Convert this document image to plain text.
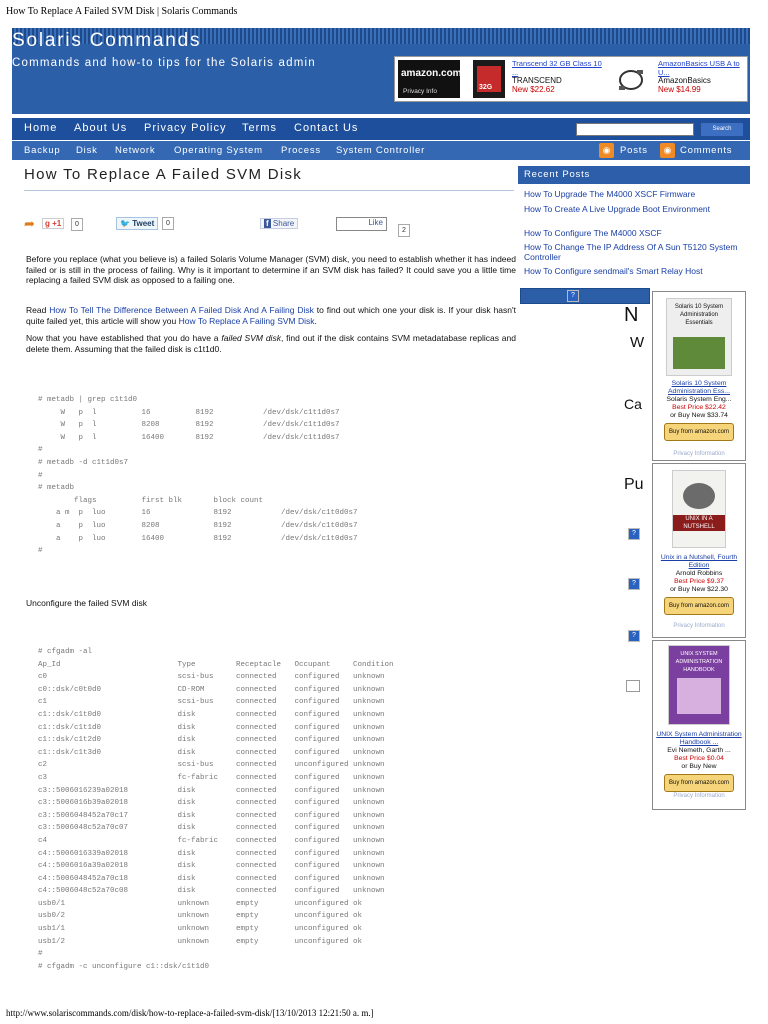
How To Replace A Failed SVM Disk | Solaris Commands
Solaris Commands
Commands and how-to tips for the Solaris admin
amazon.com
Privacy Info
32G
Transcend 32 GB Class 10 ...
TRANSCEND
New $22.62
AmazonBasics USB A to U...
AmazonBasics
New $14.99
Home About Us Privacy Policy Terms Contact Us	Search
Backup Disk Network Operating System Process System Controller	◉	Posts	◉ Comments
How To Replace A Failed SVM Disk
➦	g +1	0	🐦 Tweet	0	f Share	Like
2
Before you replace (what you believe is) a failed Solaris Volume Manager (SVM) disk, you need to establish whether it has indeed failed or is still in the process of failing. Why is it important to determine if an SVM disk has failed? It could save you a little time replacing a failed SVM disk as opposed to a failing one.
Read How To Tell The Difference Between A Failed Disk And A Failing Disk to find out which one your disk is. If your disk hasn't quite failed yet, this article will show you How To Replace A Failing SVM Disk.
Now that you have established that you do have a failed SVM disk, find out if the disk contains SVM metadatabase replicas and delete them. Assuming that the failed disk is c1t1d0.
# metadb | grep c1t1d0
W   p  l          16          8192           /dev/dsk/c1t1d0s7
W   p  l          8208        8192           /dev/dsk/c1t1d0s7
W   p  l          16400       8192           /dev/dsk/c1t1d0s7
#
# metadb -d c1t1d0s7
#
# metadb
flags          first blk       block count
a m  p  luo        16              8192           /dev/dsk/c1t0d0s7
a    p  luo        8208            8192           /dev/dsk/c1t0d0s7
a    p  luo        16400           8192           /dev/dsk/c1t0d0s7
#
Unconfigure the failed SVM disk
# cfgadm -al
Ap_Id                          Type         Receptacle   Occupant     Condition
c0                             scsi-bus     connected    configured   unknown
c0::dsk/c0t0d0                 CD-ROM       connected    configured   unknown
c1                             scsi-bus     connected    configured   unknown
c1::dsk/c1t0d0                 disk         connected    configured   unknown
c1::dsk/c1t1d0                 disk         connected    configured   unknown
c1::dsk/c1t2d0                 disk         connected    configured   unknown
c1::dsk/c1t3d0                 disk         connected    configured   unknown
c2                             scsi-bus     connected    unconfigured unknown
c3                             fc-fabric    connected    configured   unknown
c3::5006016239a02018           disk         connected    configured   unknown
c3::5006016b39a02018           disk         connected    configured   unknown
c3::5006048452a70c17           disk         connected    configured   unknown
c3::5006048c52a70c07           disk         connected    configured   unknown
c4                             fc-fabric    connected    configured   unknown
c4::5006016339a02018           disk         connected    configured   unknown
c4::5006016a39a02018           disk         connected    configured   unknown
c4::5006048452a70c18           disk         connected    configured   unknown
c4::5006048c52a70c08           disk         connected    configured   unknown
usb0/1                         unknown      empty        unconfigured ok
usb0/2                         unknown      empty        unconfigured ok
usb1/1                         unknown      empty        unconfigured ok
usb1/2                         unknown      empty        unconfigured ok
#
# cfgadm -c unconfigure c1::dsk/c1t1d0
Recent Posts
How To Upgrade The M4000 XSCF Firmware
How To Create A Live Upgrade Boot Environment
How To Configure The M4000 XSCF
How To Change The IP Address Of A Sun T5120 System Controller
How To Configure sendmail's Smart Relay Host
?
N
W
Ca
Pu
?
?
?
Solaris 10 System Administration Essentials
Solaris 10 System Administration Ess...
Solaris System Eng...
Best Price $22.42
or Buy New $33.74
Buy from amazon.com
Privacy Information
UNIX IN A NUTSHELL
Unix in a Nutshell, Fourth Edition
Arnold Robbins
Best Price $9.37
or Buy New $22.30
Buy from amazon.com
Privacy Information
UNIX SYSTEM ADMINISTRATION HANDBOOK
UNIX System Administration Handbook ...
Evi Nemeth, Garth ...
Best Price $0.04
or Buy New
Buy from amazon.com
Privacy Information
http://www.solariscommands.com/disk/how-to-replace-a-failed-svm-disk/[13/10/2013 12:21:50 a. m.]
